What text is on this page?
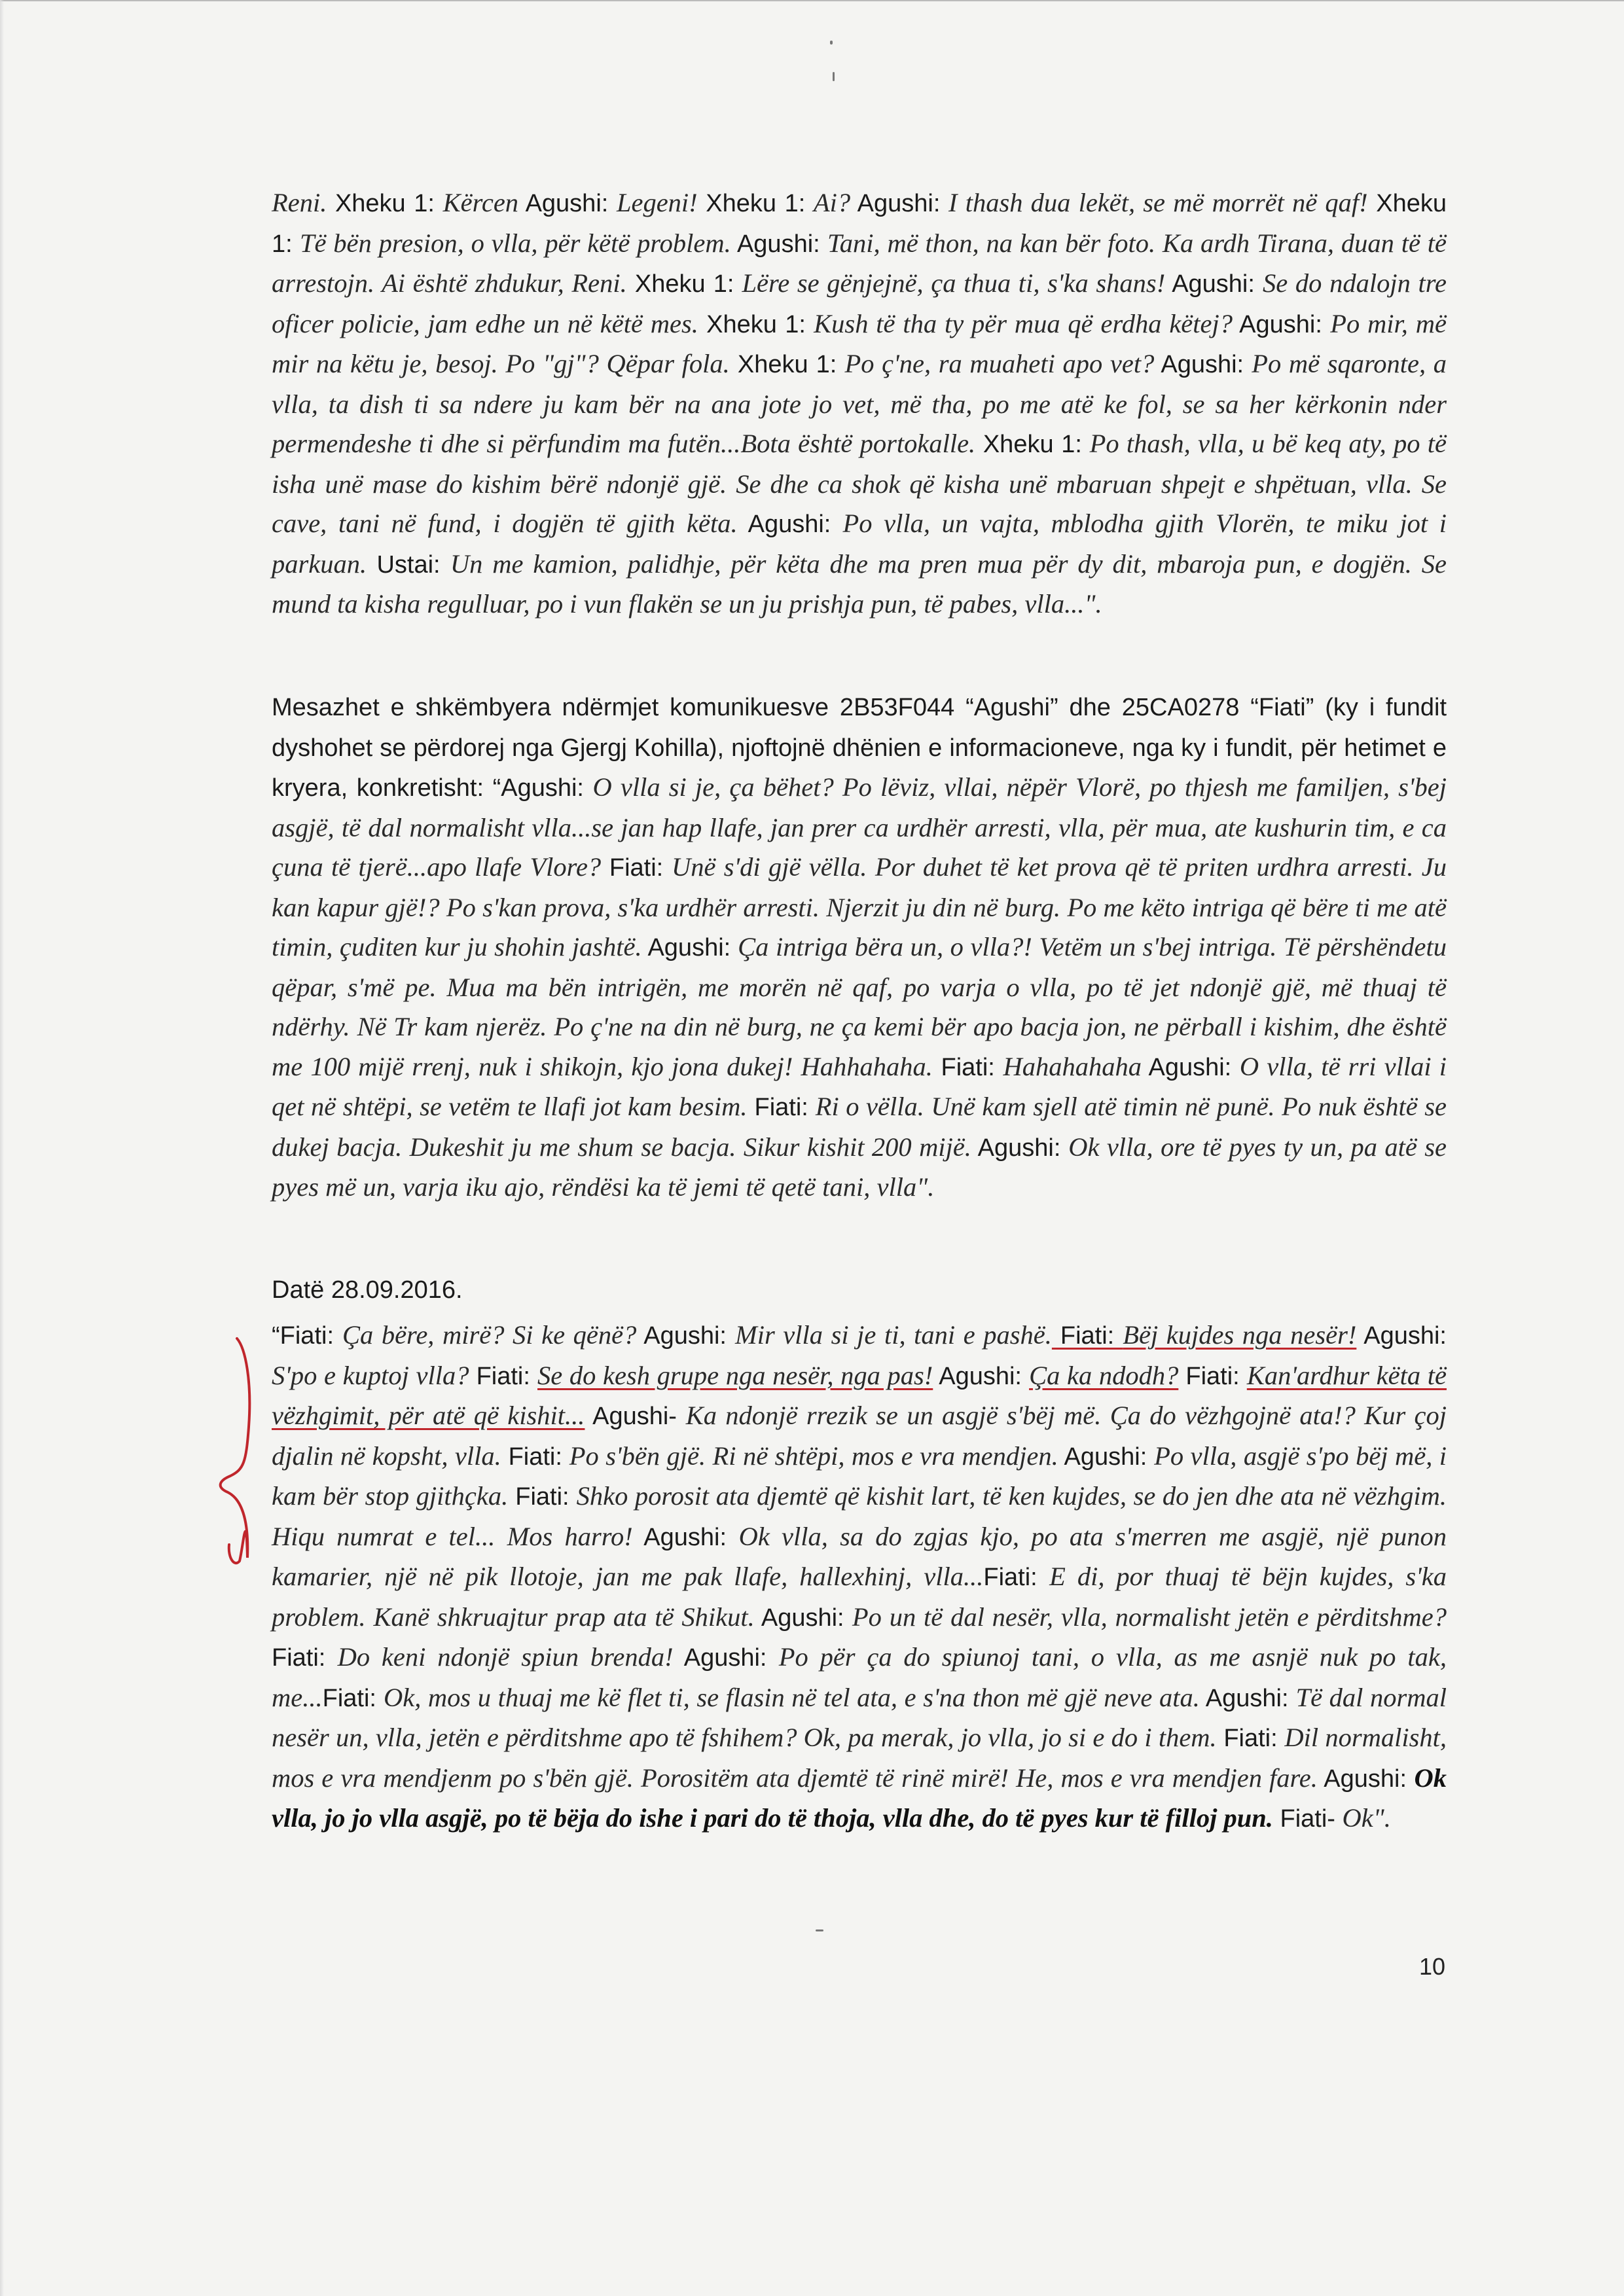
Reni. Xheku 1: Kërcen Agushi: Legeni! Xheku 1: Ai? Agushi: I thash dua lekët, se më morrët në qaf! Xheku 1: Të bën presion, o vlla, për këtë problem. Agushi: Tani, më thon, na kan bër foto. Ka ardh Tirana, duan të të arrestojn. Ai është zhdukur, Reni. Xheku 1: Lëre se gënjejnë, ça thua ti, s'ka shans! Agushi: Se do ndalojn tre oficer policie, jam edhe un në këtë mes. Xheku 1: Kush të tha ty për mua që erdha këtej? Agushi: Po mir, më mir na këtu je, besoj. Po "gj"? Qëpar fola. Xheku 1: Po ç'ne, ra muaheti apo vet? Agushi: Po më sqaronte, a vlla, ta dish ti sa ndere ju kam bër na ana jote jo vet, më tha, po me atë ke fol, se sa her kërkonin nder permendeshe ti dhe si përfundim ma futën...Bota është portokalle. Xheku 1: Po thash, vlla, u bë keq aty, po të isha unë mase do kishim bërë ndonjë gjë. Se dhe ca shok që kisha unë mbaruan shpejt e shpëtuan, vlla. Se cave, tani në fund, i dogjën të gjith këta. Agushi: Po vlla, un vajta, mblodha gjith Vlorën, te miku jot i parkuan. Ustai: Un me kamion, palidhje, për këta dhe ma pren mua për dy dit, mbaroja pun, e dogjën. Se mund ta kisha regulluar, po i vun flakën se un ju prishja pun, të pabes, vlla...".
Mesazhet e shkëmbyera ndërmjet komunikuesve 2B53F044 “Agushi” dhe 25CA0278 “Fiati” (ky i fundit dyshohet se përdorej nga Gjergj Kohilla), njoftojnë dhënien e informacioneve, nga ky i fundit, për hetimet e kryera, konkretisht: “Agushi: O vlla si je, ça bëhet? Po lëviz, vllai, nëpër Vlorë, po thjesh me familjen, s'bej asgjë, të dal normalisht vlla...se jan hap llafe, jan prer ca urdhër arresti, vlla, për mua, ate kushurin tim, e ca çuna të tjerë...apo llafe Vlore? Fiati: Unë s'di gjë vëlla. Por duhet të ket prova që të priten urdhra arresti. Ju kan kapur gjë!? Po s'kan prova, s'ka urdhër arresti. Njerzit ju din në burg. Po me këto intriga që bëre ti me atë timin, çuditen kur ju shohin jashtë. Agushi: Ça intriga bëra un, o vlla?! Vetëm un s'bej intriga. Të përshëndetu qëpar, s'më pe. Mua ma bën intrigën, me morën në qaf, po varja o vlla, po të jet ndonjë gjë, më thuaj të ndërhy. Në Tr kam njerëz. Po ç'ne na din në burg, ne ça kemi bër apo bacja jon, ne përball i kishim, dhe është me 100 mijë rrenj, nuk i shikojn, kjo jona dukej! Hahhahaha. Fiati: Hahahahaha Agushi: O vlla, të rri vllai i qet në shtëpi, se vetëm te llafi jot kam besim. Fiati: Ri o vëlla. Unë kam sjell atë timin në punë. Po nuk është se dukej bacja. Dukeshit ju me shum se bacja. Sikur kishit 200 mijë. Agushi: Ok vlla, ore të pyes ty un, pa atë se pyes më un, varja iku ajo, rëndësi ka të jemi të qetë tani, vlla".
Datë 28.09.2016.
“Fiati: Ça bëre, mirë? Si ke qënë? Agushi: Mir vlla si je ti, tani e pashë. Fiati: Bëj kujdes nga nesër! Agushi: S'po e kuptoj vlla? Fiati: Se do kesh grupe nga nesër, nga pas! Agushi: Ça ka ndodh? Fiati: Kan'ardhur këta të vëzhgimit, për atë që kishit... Agushi- Ka ndonjë rrezik se un asgjë s'bëj më. Ça do vëzhgojnë ata!? Kur çoj djalin në kopsht, vlla. Fiati: Po s'bën gjë. Ri në shtëpi, mos e vra mendjen. Agushi: Po vlla, asgjë s'po bëj më, i kam bër stop gjithçka. Fiati: Shko porosit ata djemtë që kishit lart, të ken kujdes, se do jen dhe ata në vëzhgim. Hiqu numrat e tel... Mos harro! Agushi: Ok vlla, sa do zgjas kjo, po ata s'merren me asgjë, një punon kamarier, një në pik llotoje, jan me pak llafe, hallexhinj, vlla...Fiati: E di, por thuaj të bëjn kujdes, s'ka problem. Kanë shkruajtur prap ata të Shikut. Agushi: Po un të dal nesër, vlla, normalisht jetën e përditshme? Fiati: Do keni ndonjë spiun brenda! Agushi: Po për ça do spiunoj tani, o vlla, as me asnjë nuk po tak, me...Fiati: Ok, mos u thuaj me kë flet ti, se flasin në tel ata, e s'na thon më gjë neve ata. Agushi: Të dal normal nesër un, vlla, jetën e përditshme apo të fshihem? Ok, pa merak, jo vlla, jo si e do i them. Fiati: Dil normalisht, mos e vra mendjenm po s'bën gjë. Porositëm ata djemtë të rinë mirë! He, mos e vra mendjen fare. Agushi: Ok vlla, jo jo vlla asgjë, po të bëja do ishe i pari do të thoja, vlla dhe, do të pyes kur të filloj pun. Fiati- Ok".
10
